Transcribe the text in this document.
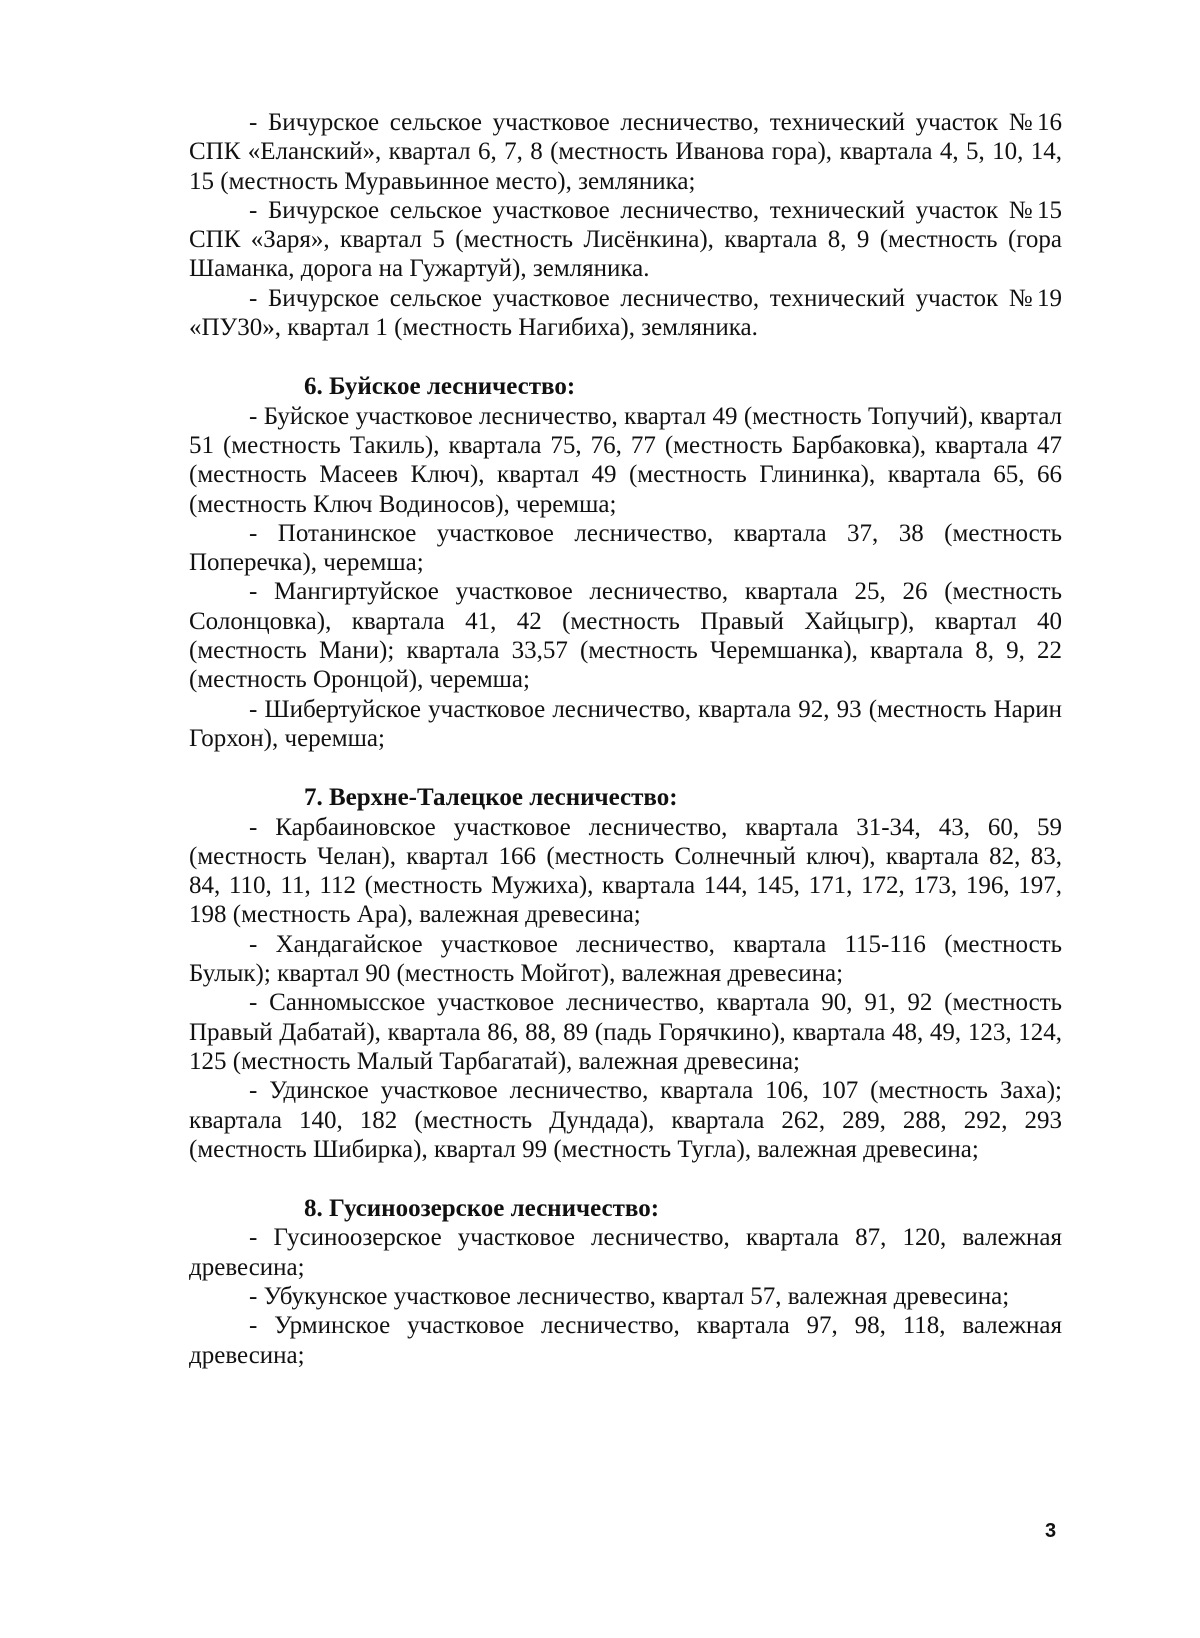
- Бичурское сельское участковое лесничество, технический участок №16 СПК «Еланский», квартал 6, 7, 8 (местность Иванова гора), квартала 4, 5, 10, 14, 15 (местность Муравьинное место), земляника;

- Бичурское сельское участковое лесничество, технический участок №15 СПК «Заря», квартал 5 (местность Лисёнкина), квартала 8, 9 (местность (гора Шаманка, дорога на Гужартуй), земляника.

- Бичурское сельское участковое лесничество, технический участок №19 «ПУ30», квартал 1 (местность Нагибиха), земляника.

6. Буйское лесничество:

- Буйское участковое лесничество, квартал 49 (местность Топучий), квартал 51 (местность Такиль), квартала 75, 76, 77 (местность Барбаковка), квартала 47 (местность Масеев Ключ), квартал 49 (местность Глининка), квартала 65, 66 (местность Ключ Водиносов), черемша;

- Потанинское участковое лесничество, квартала 37, 38 (местность Поперечка), черемша;

- Мангиртуйское участковое лесничество, квартала 25, 26 (местность Солонцовка), квартала 41, 42 (местность Правый Хайцыгр), квартал 40 (местность Мани); квартала 33,57 (местность Черемшанка), квартала 8, 9, 22 (местность Оронцой), черемша;

- Шибертуйское участковое лесничество, квартала 92, 93 (местность Нарин Горхон), черемша;

7. Верхне-Талецкое лесничество:

- Карбаиновское участковое лесничество, квартала 31-34, 43, 60, 59 (местность Челан), квартал 166 (местность Солнечный ключ), квартала 82, 83, 84, 110, 11, 112 (местность Мужиха), квартала 144, 145, 171, 172, 173, 196, 197, 198 (местность Ара), валежная древесина;

- Хандагайское участковое лесничество, квартала 115-116 (местность Булык); квартал 90 (местность Мойгот), валежная древесина;

- Санномысское участковое лесничество, квартала 90, 91, 92 (местность Правый Дабатай), квартала 86, 88, 89 (падь Горячкино), квартала 48, 49, 123, 124, 125 (местность Малый Тарбагатай), валежная древесина;

- Удинское участковое лесничество, квартала 106, 107 (местность Заха); квартала 140, 182 (местность Дундада), квартала 262, 289, 288, 292, 293 (местность Шибирка), квартал 99 (местность Тугла), валежная древесина;

8. Гусиноозерское лесничество:

- Гусиноозерское участковое лесничество, квартала 87, 120, валежная древесина;

- Убукунское участковое лесничество, квартал 57, валежная древесина;

- Урминское участковое лесничество, квартала 97, 98, 118, валежная древесина;

3
